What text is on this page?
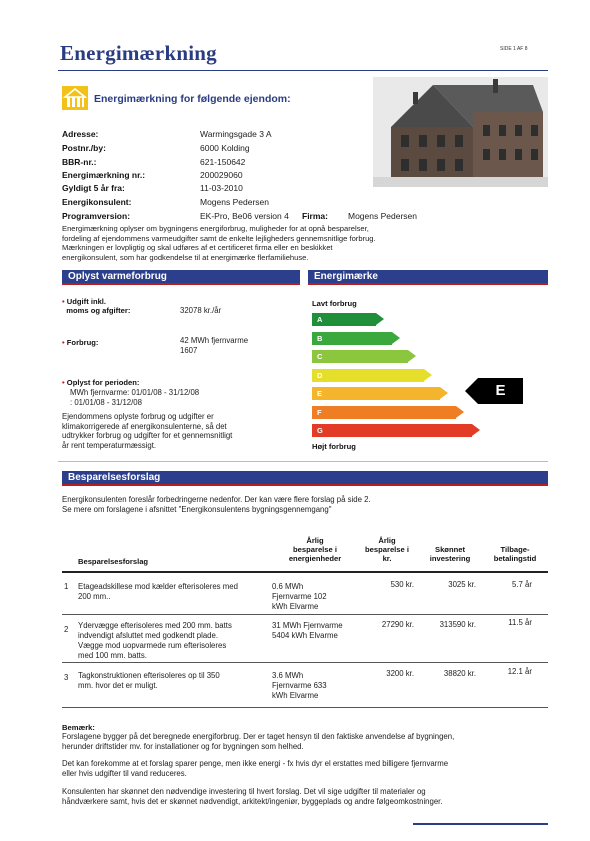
Energimærkning	SIDE 1 AF 8
Energimærkning for følgende ejendom:
Adresse:	Warmingsgade 3 A
Postnr./by:	6000 Kolding
BBR-nr.:	621-150642
Energimærkning nr.:	200029060
Gyldigt 5 år fra:	11-03-2010
Energikonsulent:	Mogens Pedersen
Programversion:	EK-Pro, Be06 version 4 Firma: Mogens Pedersen
Energimærkning oplyser om bygningens energiforbrug, muligheder for at opnå besparelser,
fordeling af ejendommens varmeudgifter samt de enkelte lejligheders gennemsnitlige forbrug.
Mærkningen er lovpligtig og skal udføres af et certificeret firma eller en beskikket
energikonsulent, som har godkendelse til at energimærke flerfamiliehuse.
Oplyst varmeforbrug	Energimærke
• Udgift inkl.
moms og afgifter:	32078 kr./år
• Forbrug:	42 MWh fjernvarme
1607
• Oplyst for perioden:
MWh fjernvarme: 01/01/08 - 31/12/08
: 01/01/08 - 31/12/08
Ejendommens oplyste forbrug og udgifter er
klimakorrigerede af energikonsulenterne, så det
udtrykker forbrug og udgifter for et gennemsnitligt
år rent temperaturmæssigt.
Lavt forbrug
A
B
C
D
E
F
G
Højt forbrug
E
Besparelsesforslag
Energikonsulenten foreslår forbedringerne nedenfor. Der kan være flere forslag på side 2.
Se mere om forslagene i afsnittet "Energikonsulentens bygningsgennemgang"
Besparelsesforslag
Årlig
besparelse i
energienheder
Årlig
besparelse i
kr.
Skønnet
investering
Tilbage-
betalingstid
1 Etageadskillese mod kælder efterisoleres med
200 mm..
0.6 MWh
Fjernvarme 102
kWh Elvarme
530 kr.	3025 kr.	5.7 år
2 Ydervægge efterisoleres med 200 mm. batts
indvendigt afsluttet med godkendt plade.
Vægge mod uopvarmede rum efterisoleres
med 100 mm. batts.
31 MWh Fjernvarme
5404 kWh Elvarme
27290 kr.	313590 kr.	11.5 år
3 Tagkonstruktionen efterisoleres op til 350
mm. hvor det er muligt.
3.6 MWh
Fjernvarme 633
kWh Elvarme
3200 kr.	38820 kr.	12.1 år
Bemærk:
Forslagene bygger på det beregnede energiforbrug. Der er taget hensyn til den faktiske anvendelse af bygningen,
herunder driftstider mv. for installationer og for bygningen som helhed.
Det kan forekomme at et forslag sparer penge, men ikke energi - fx hvis dyr el erstattes med billigere fjernvarme
eller hvis udgifter til vand reduceres.
Konsulenten har skønnet den nødvendige investering til hvert forslag. Det vil sige udgifter til materialer og
håndværkere samt, hvis det er skønnet nødvendigt, arkitekt/ingeniør, byggeplads og andre følgeomkostninger.
